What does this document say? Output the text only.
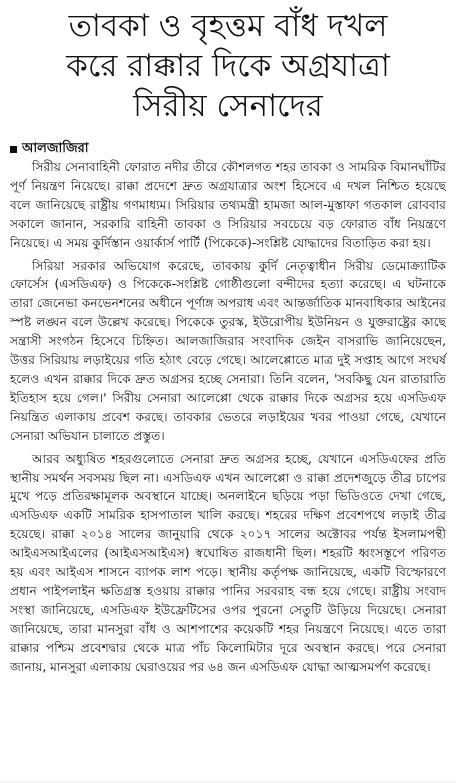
তাবকা ও বৃহত্তম বাঁধ দখল
করে রাক্কার দিকে অগ্রযাত্রা
সিরীয় সেনাদের
আলজাজিরা

সিরীয় সেনাবাহিনী ফোরাত নদীর তীরে কৌশলগত শহর তাবকা ও সামরিক বিমানঘাঁটির পূর্ণ নিয়ন্ত্রণ নিয়েছে। রাক্কা প্রদেশে দ্রুত অগ্রযাত্রার অংশ হিসেবে এ দখল নিশ্চিত হয়েছে বলে জানিয়েছে রাষ্ট্রীয় গণমাধ্যম। সিরিয়ার তথ্যমন্ত্রী হামজা আল-মুস্তাফা গতকাল রোববার সকালে জানান, সরকারি বাহিনী তাবকা ও সিরিয়ার সবচেয়ে বড় ফোরাত বাঁধ নিয়ন্ত্রণে নিয়েছে। এ সময় কুর্দিস্তান ওয়ার্কার্স পার্টি (পিকেকে)-সংশ্লিষ্ট যোদ্ধাদের বিতাড়িত করা হয়।

সিরিয়া সরকার অভিযোগ করেছে, তাবকায় কুর্দি নেতৃত্বাধীন সিরীয় ডেমোক্র্যাটিক ফোর্সেস (এসডিএফ) ও পিকেকে-সংশ্লিষ্ট গোষ্ঠীগুলো বন্দীদের হত্যা করেছে। এ ঘটনাকে তারা জেনেভা কনভেনশনের অধীনে পূর্ণাঙ্গ অপরাধ এবং আন্তর্জাতিক মানবাধিকার আইনের স্পষ্ট লঙ্ঘন বলে উল্লেখ করেছে। পিকেকে তুরস্ক, ইউরোপীয় ইউনিয়ন ও যুক্তরাষ্ট্রের কাছে সন্ত্রাসী সংগঠন হিসেবে চিহ্নিত। আলজাজিরার সংবাদিক জেইন বাসরাভি জানিয়েছেন, উত্তর সিরিয়ায় লড়াইয়ের গতি হঠাৎ বেড়ে গেছে। আলেপ্পোতে মাত্র দুই সপ্তাহ আগে সংঘর্ষ হলেও এখন রাক্কার দিকে দ্রুত অগ্রসর হচ্ছে সেনারা। তিনি বলেন, 'সবকিছু যেন রাতারাতি ইতিহাস হয়ে গেল।' সিরীয় সেনারা আলেপ্পো থেকে রাক্কার দিকে অগ্রসর হয়ে এসডিএফ নিয়ন্ত্রিত এলাকায় প্রবেশ করছে। তাবকার ভেতরে লড়াইয়ের খবর পাওয়া গেছে, যেখানে সেনারা অভিযান চালাতে প্রস্তুত।

আরব অধ্যুষিত শহরগুলোতে সেনারা দ্রুত অগ্রসর হচ্ছে, যেখানে এসডিএফের প্রতি স্থানীয় সমর্থন সবসময় ছিল না। এসডিএফ এখন আলেপ্পো ও রাক্কা প্রদেশজুড়ে তীব্র চাপের মুখে পড়ে প্রতিরক্ষামূলক অবস্থানে যাচ্ছে। অনলাইনে ছড়িয়ে পড়া ভিডিওতে দেখা গেছে, এসডিএফ একটি সামরিক হাসপাতাল খালি করছে। শহরের দক্ষিণ প্রবেশপথে লড়াই তীব্র হয়েছে। রাক্কা ২০১৪ সালের জানুয়ারি থেকে ২০১৭ সালের অক্টোবর পর্যন্ত ইসলামপন্থী আইএসআইএলের (আইএসআইএস) স্বঘোষিত রাজধানী ছিল। শহরটি ধ্বংসস্তূপে পরিণত হয় এবং আইএস শাসনে ব্যাপক লাশ পড়ে। স্থানীয় কর্তৃপক্ষ জানিয়েছে, একটি বিস্ফোরণে প্রধান পাইপলাইন ক্ষতিগ্রস্ত হওয়ায় রাক্কার পানির সরবরাহ বন্ধ হয়ে গেছে। রাষ্ট্রীয় সংবাদ সংস্থা জানিয়েছে, এসডিএফ ইউফ্রেটিসের ওপর পুরনো সেতুটি উড়িয়ে দিয়েছে। সেনারা জানিয়েছে, তারা মানসুরা বাঁধ ও আশপাশের কয়েকটি শহর নিয়ন্ত্রণে নিয়েছে। এতে তারা রাক্কার পশ্চিম প্রবেশদ্বার থেকে মাত্র পাঁচ কিলোমিটার দূরে অবস্থান করছে। পরে সেনারা জানায়, মানসুরা এলাকায় ঘেরাওয়ের পর ৬৪ জন এসডিএফ যোদ্ধা আত্মসমর্পণ করেছে।
